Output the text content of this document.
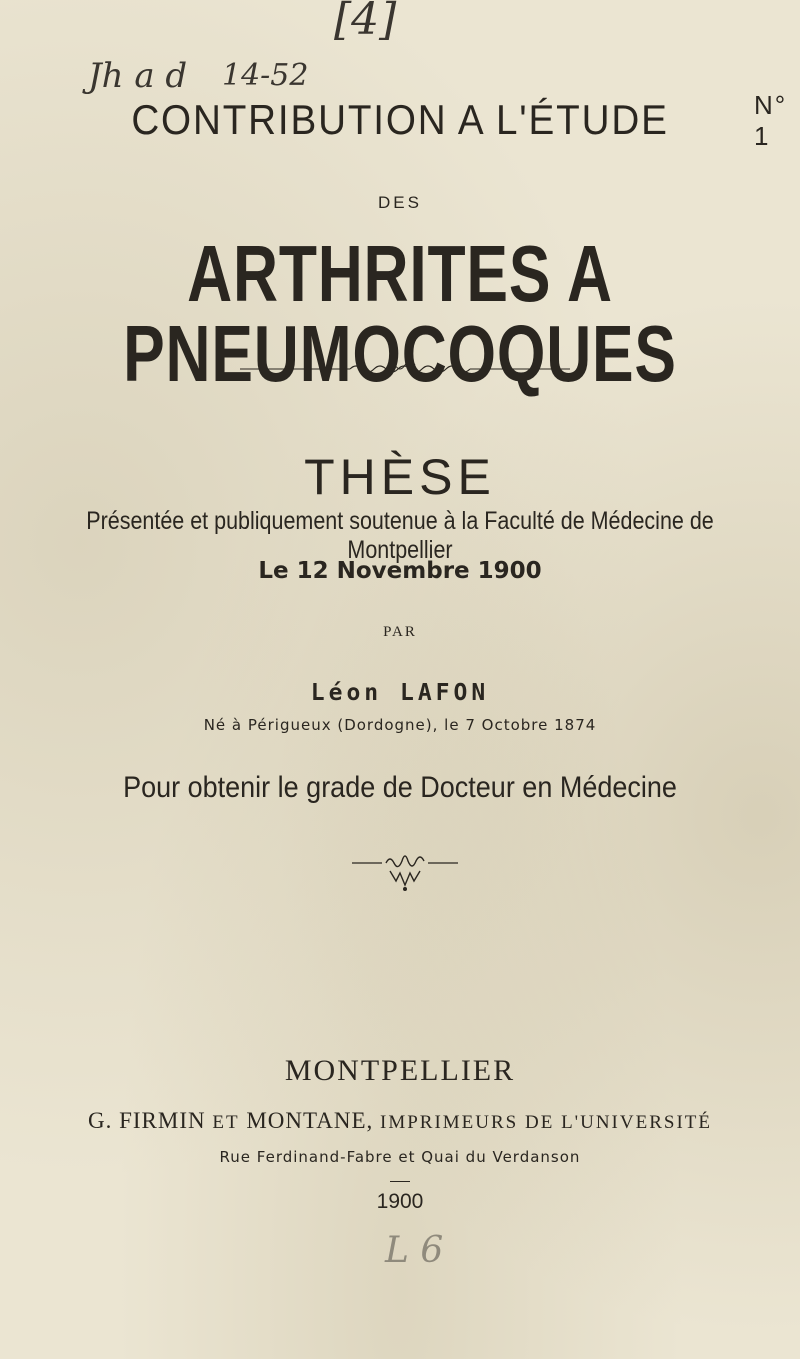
[4]
Jh a d 14-52
N° 1
CONTRIBUTION A L'ÉTUDE
DES
ARTHRITES A PNEUMOCOQUES
THÈSE
Présentée et publiquement soutenue à la Faculté de Médecine de Montpellier
Le 12 Novembre 1900
PAR
Léon LAFON
Né à Périgueux (Dordogne), le 7 Octobre 1874
Pour obtenir le grade de Docteur en Médecine
MONTPELLIER
G. FIRMIN ET MONTANE, IMPRIMEURS DE L'UNIVERSITÉ
Rue Ferdinand-Fabre et Quai du Verdanson
1900
L 6
